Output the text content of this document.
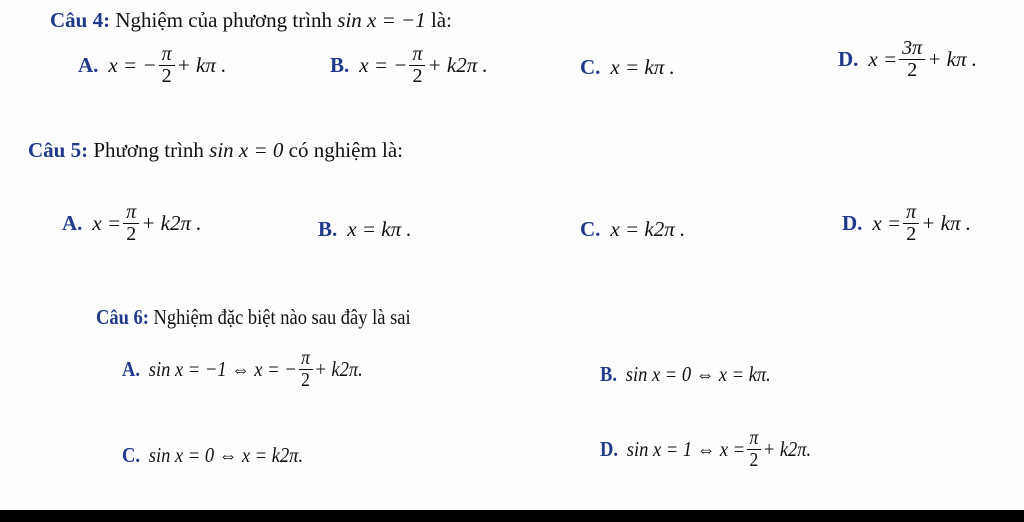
Câu 4: Nghiệm của phương trình sin x = −1 là:
A. x = − $\frac{\pi}{2} + k\pi$ .	B. x = − $\frac{\pi}{2} + k2\pi$ .	C. x = kπ .	D. $x = \frac{3\pi}{2} + k\pi$ .
Câu 5: Phương trình sin x = 0 có nghiệm là:
A. $x = \frac{\pi}{2} + k2\pi$ .	B. x = kπ .	C. x = k2π .	D. $x = \frac{\pi}{2} + k\pi$ .
Câu 6: Nghiệm đặc biệt nào sau đây là sai
A. sin x = −1 ⇔ x = − $\frac{\pi}{2} + k2\pi$.	B. sin x = 0 ⇔ x = kπ.
C. sin x = 0 ⇔ x = k2π.	D. sin x = 1 ⇔ $x = \frac{\pi}{2} + k2\pi$.
